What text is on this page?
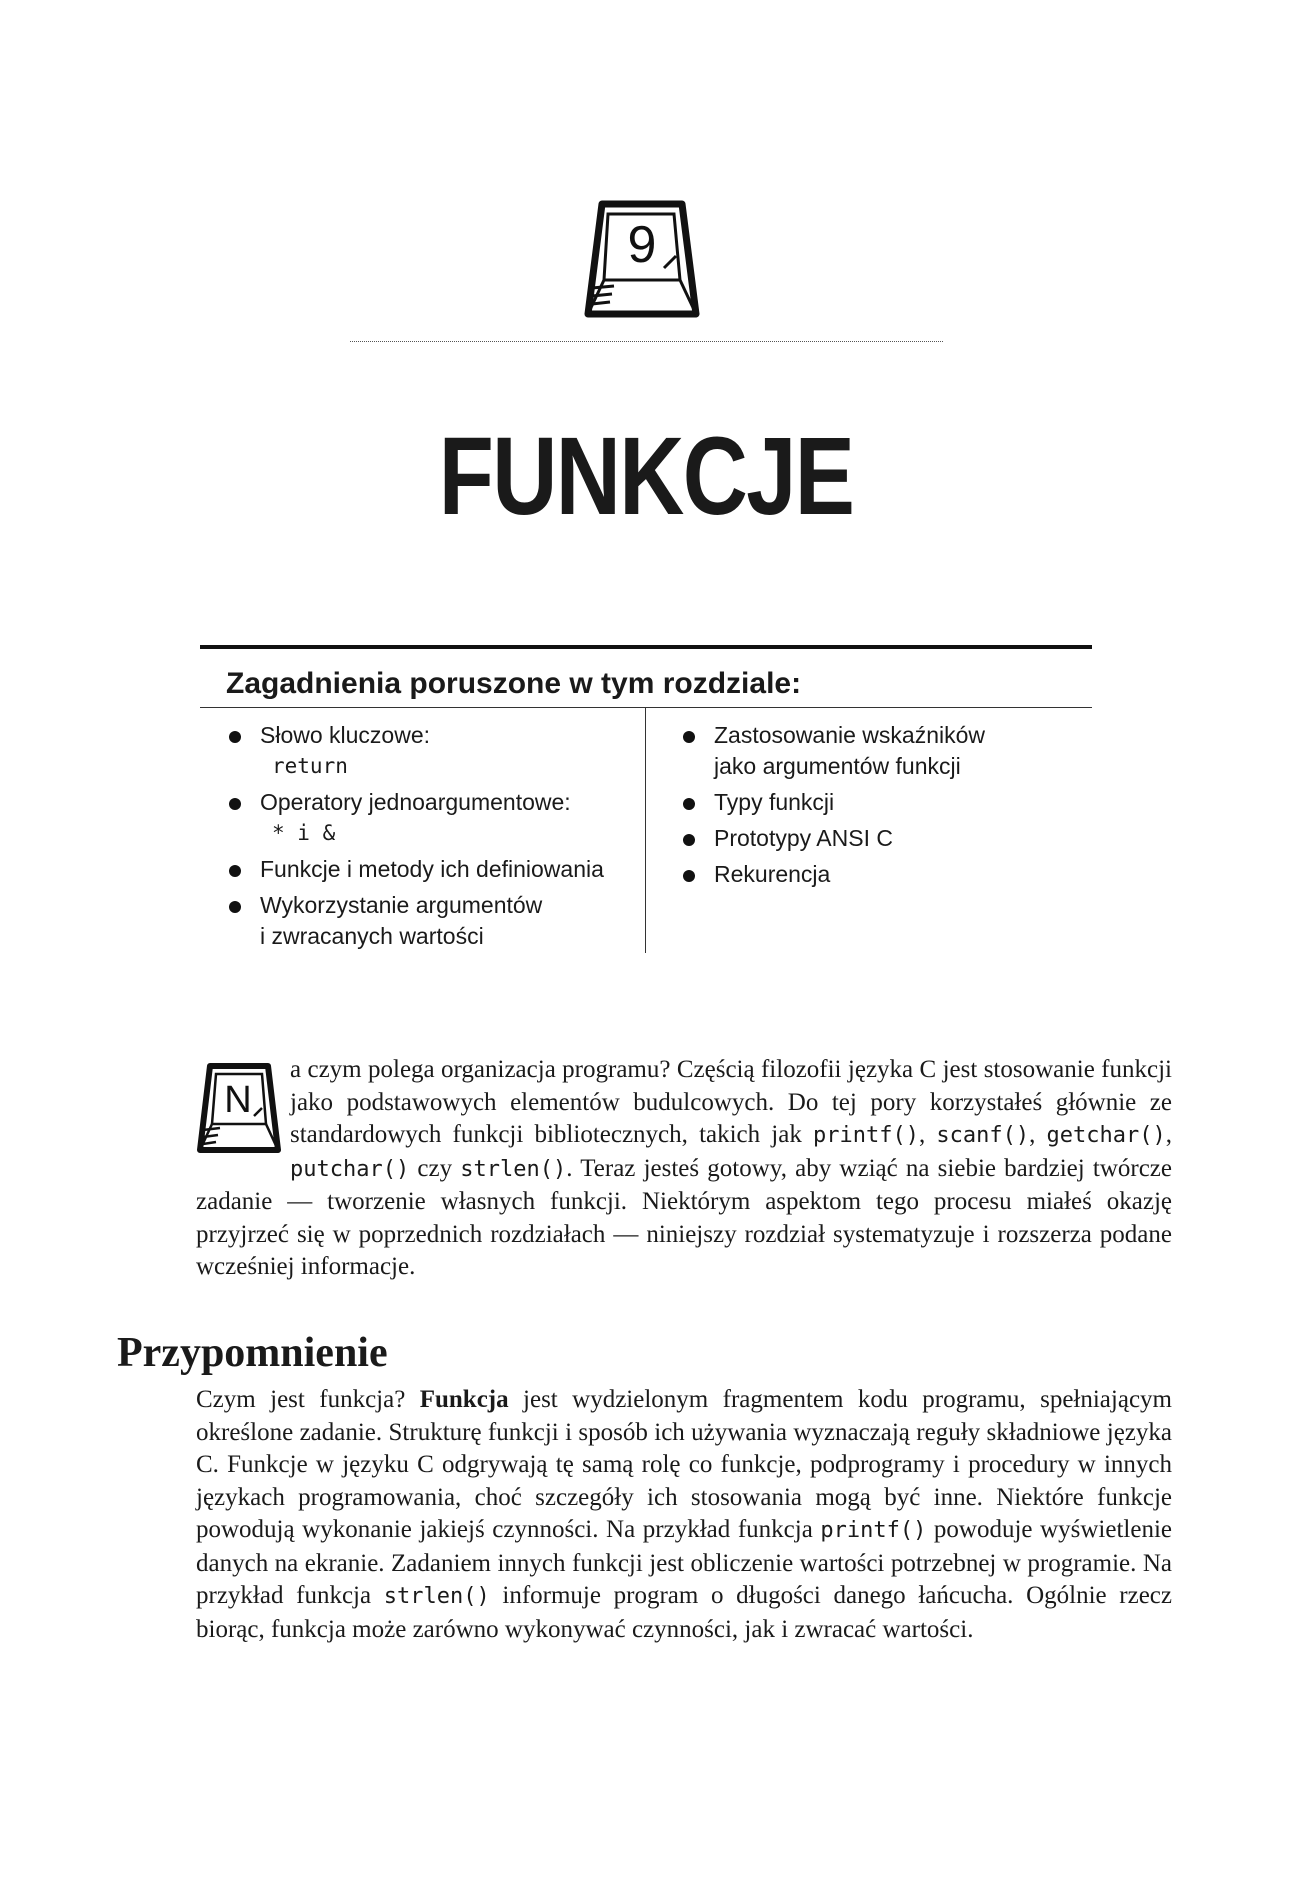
9
FUNKCJE
Zagadnienia poruszone w tym rozdziale:
Słowo kluczowe:
return
Operatory jednoargumentowe:
* i &
Funkcje i metody ich definiowania
Wykorzystanie argumentów
i zwracanych wartości
Zastosowanie wskaźników
jako argumentów funkcji
Typy funkcji
Prototypy ANSI C
Rekurencja
N
a czym polega organizacja programu? Częścią filozofii języka C jest stosowanie funkcji jako podstawowych elementów budulcowych. Do tej pory korzystałeś głównie ze standardowych funkcji bibliotecznych, takich jak printf(), scanf(), getchar(), putchar() czy strlen(). Teraz jesteś gotowy, aby wziąć na siebie bardziej twórcze zadanie — tworzenie własnych funkcji. Niektórym aspektom tego procesu miałeś okazję przyjrzeć się w poprzednich rozdziałach — niniejszy rozdział systematyzuje i rozszerza podane wcześniej informacje.
Przypomnienie
Czym jest funkcja? Funkcja jest wydzielonym fragmentem kodu programu, spełniającym określone zadanie. Strukturę funkcji i sposób ich używania wyznaczają reguły składniowe języka C. Funkcje w języku C odgrywają tę samą rolę co funkcje, podprogramy i procedury w innych językach programowania, choć szczegóły ich stosowania mogą być inne. Niektóre funkcje powodują wykonanie jakiejś czynności. Na przykład funkcja printf() powoduje wyświetlenie danych na ekranie. Zadaniem innych funkcji jest obliczenie wartości potrzebnej w programie. Na przykład funkcja strlen() informuje program o długości danego łańcucha. Ogólnie rzecz biorąc, funkcja może zarówno wykonywać czynności, jak i zwracać wartości.
